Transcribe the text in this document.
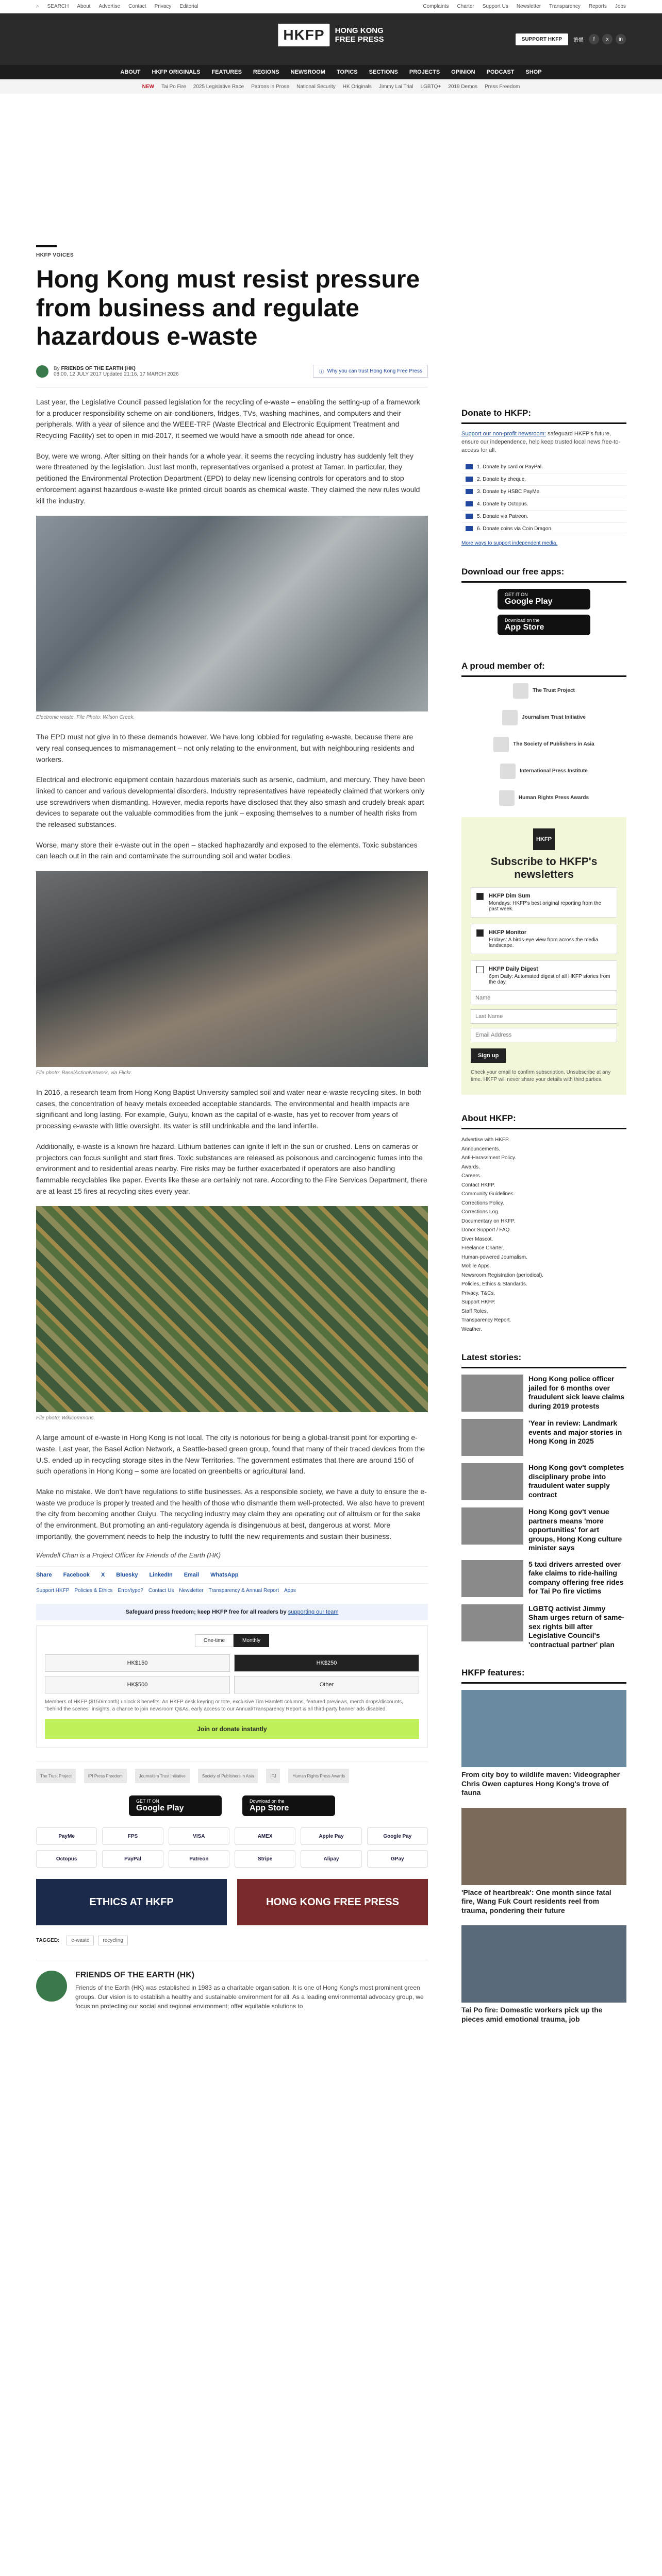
⌕ SEARCH About Advertise Contact Privacy Editorial	Complaints Charter Support Us Newsletter Transparency Reports Jobs
HKFP	HONG KONG
FREE PRESS	SUPPORT HKFP	繁體	f	x	in
ABOUT HKFP ORIGINALS FEATURES REGIONS NEWSROOM TOPICS SECTIONS PROJECTS OPINION PODCAST SHOP
NEW Tai Po Fire 2025 Legislative Race Patrons in Prose National Security HK Originals Jimmy Lai Trial LGBTQ+ 2019 Demos Press Freedom
HKFP VOICES
Hong Kong must resist pressure from business and regulate hazardous e-waste
By FRIENDS OF THE EARTH (HK)
08:00, 12 JULY 2017 Updated 21:16, 17 MARCH 2026	ⓘ Why you can trust Hong Kong Free Press

Last year, the Legislative Council passed legislation for the recycling of e-waste – enabling the setting-up of a framework for a producer responsibility scheme on air-conditioners, fridges, TVs, washing machines, and computers and their peripherals. With a year of silence and the WEEE-TRF (Waste Electrical and Electronic Equipment Treatment and Recycling Facility) set to open in mid-2017, it seemed we would have a smooth ride ahead for once.

Boy, were we wrong. After sitting on their hands for a whole year, it seems the recycling industry has suddenly felt they were threatened by the legislation. Just last month, representatives organised a protest at Tamar. In particular, they petitioned the Environmental Protection Department (EPD) to delay new licensing controls for operators and to stop enforcement against hazardous e-waste like printed circuit boards as chemical waste. They claimed the new rules would kill the industry.

Electronic waste. File Photo: Wilson Creek.

The EPD must not give in to these demands however. We have long lobbied for regulating e-waste, because there are very real consequences to mismanagement – not only relating to the environment, but with neighbouring residents and workers.

Electrical and electronic equipment contain hazardous materials such as arsenic, cadmium, and mercury. They have been linked to cancer and various developmental disorders. Industry representatives have repeatedly claimed that workers only use screwdrivers when dismantling. However, media reports have disclosed that they also smash and crudely break apart devices to separate out the valuable commodities from the junk – exposing themselves to a number of health risks from the released substances.

Worse, many store their e-waste out in the open – stacked haphazardly and exposed to the elements. Toxic substances can leach out in the rain and contaminate the surrounding soil and water bodies.

File photo: BaselActionNetwork, via Flickr.

In 2016, a research team from Hong Kong Baptist University sampled soil and water near e-waste recycling sites. In both cases, the concentration of heavy metals exceeded acceptable standards. The environmental and health impacts are significant and long lasting. For example, Guiyu, known as the capital of e-waste, has yet to recover from years of processing e-waste with little oversight. Its water is still undrinkable and the land infertile.

Additionally, e-waste is a known fire hazard. Lithium batteries can ignite if left in the sun or crushed. Lens on cameras or projectors can focus sunlight and start fires. Toxic substances are released as poisonous and carcinogenic fumes into the environment and to residential areas nearby. Fire risks may be further exacerbated if operators are also handling flammable recyclables like paper. Events like these are certainly not rare. According to the Fire Services Department, there are at least 15 fires at recycling sites every year.

File photo: Wikicommons.

A large amount of e-waste in Hong Kong is not local. The city is notorious for being a global-transit point for exporting e-waste. Last year, the Basel Action Network, a Seattle-based green group, found that many of their traced devices from the U.S. ended up in recycling storage sites in the New Territories. The government estimates that there are around 150 of such operations in Hong Kong – some are located on greenbelts or agricultural land.

Make no mistake. We don't have regulations to stifle businesses. As a responsible society, we have a duty to ensure the e-waste we produce is properly treated and the health of those who dismantle them well-protected. We also have to prevent the city from becoming another Guiyu. The recycling industry may claim they are operating out of altruism or for the sake of the environment. But promoting an anti-regulatory agenda is disingenuous at best, dangerous at worst. More importantly, the government needs to help the industry to fulfil the new requirements and sustain their business.

Wendell Chan is a Project Officer for Friends of the Earth (HK)
Share Facebook X Bluesky LinkedIn Email WhatsApp
Support HKFP Policies & Ethics Error/typo? Contact Us Newsletter Transparency & Annual Report Apps
Safeguard press freedom; keep HKFP free for all readers by supporting our team
One-time	Monthly
HK$150	HK$250
HK$500	Other
Members of HKFP ($150/month) unlock 8 benefits: An HKFP desk keyring or tote, exclusive Tim Hamlett columns, featured previews, merch drops/discounts, "behind the scenes" insights, a chance to join newsroom Q&As, early access to our Annual/Transparency Report & all third-party banner ads disabled.
Join or donate instantly
The Trust Project	IPI Press Freedom	Journalism Trust Initiative	Society of Publishers in Asia	IFJ	Human Rights Press Awards
GET IT ON
Google Play
Download on the
App Store
PayMe	FPS	VISA	AMEX	Apple Pay	Google Pay
Octopus	PayPal	Patreon	Stripe	Alipay	GPay
ETHICS AT HKFP	HONG KONG FREE PRESS
TAGGED:	e-waste	recycling
FRIENDS OF THE EARTH (HK)

Friends of the Earth (HK) was established in 1983 as a charitable organisation. It is one of Hong Kong's most prominent green groups. Our vision is to establish a healthy and sustainable environment for all. As a leading environmental advocacy group, we focus on protecting our social and regional environment; offer equitable solutions to

Donate to HKFP:
Support our non-profit newsroom: safeguard HKFP's future, ensure our independence, help keep trusted local news free-to-access for all.
1. Donate by card or PayPal.
2. Donate by cheque.
3. Donate by HSBC PayMe.
4. Donate by Octopus.
5. Donate via Patreon.
6. Donate coins via Coin Dragon.
More ways to support independent media.
Download our free apps:
GET IT ON
Google Play
Download on the
App Store
A proud member of:
The Trust Project
Journalism Trust Initiative
The Society of Publishers in Asia
International Press Institute
Human Rights Press Awards
HKFP
Subscribe to HKFP's newsletters
HKFP Dim Sum
Mondays: HKFP's best original reporting from the past week.
HKFP Monitor
Fridays: A birds-eye view from across the media landscape.
HKFP Daily Digest
6pm Daily: Automated digest of all HKFP stories from the day.
Name Last Name Email Address Sign up
Check your email to confirm subscription. Unsubscribe at any time. HKFP will never share your details with third parties.
About HKFP:
Advertise with HKFP.
Announcements.
Anti-Harassment Policy.
Awards.
Careers.
Contact HKFP.
Community Guidelines.
Corrections Policy.
Corrections Log.
Documentary on HKFP.
Donor Support / FAQ.
Diver Mascot.
Freelance Charter.
Human-powered Journalism.
Mobile Apps.
Newsroom Registration (periodical).
Policies, Ethics & Standards.
Privacy, T&Cs.
Support HKFP.
Staff Roles.
Transparency Report.
Weather.
Latest stories:
Hong Kong police officer jailed for 6 months over fraudulent sick leave claims during 2019 protests
'Year in review: Landmark events and major stories in Hong Kong in 2025
Hong Kong gov't completes disciplinary probe into fraudulent water supply contract
Hong Kong gov't venue partners means 'more opportunities' for art groups, Hong Kong culture minister says
5 taxi drivers arrested over fake claims to ride-hailing company offering free rides for Tai Po fire victims
LGBTQ activist Jimmy Sham urges return of same-sex rights bill after Legislative Council's 'contractual partner' plan
HKFP features:
From city boy to wildlife maven: Videographer Chris Owen captures Hong Kong's trove of fauna
'Place of heartbreak': One month since fatal fire, Wang Fuk Court residents reel from trauma, pondering their future
Tai Po fire: Domestic workers pick up the pieces amid emotional trauma, job
